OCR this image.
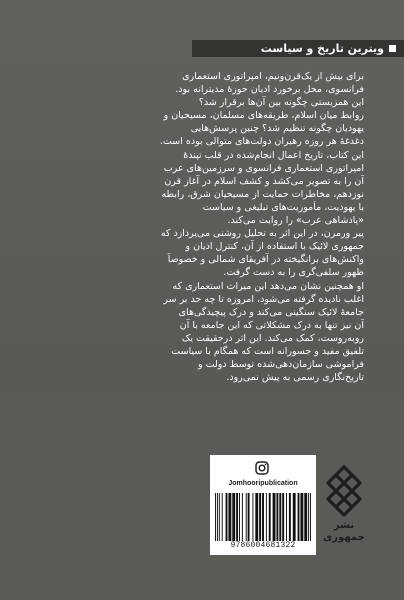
ویترین تاریخ و سیاست

برای بیش از یک‌قرن‌ونیم، امپراتوری استعماری
فرانسوی، محل برخورد ادیان حوزهٔ مدیترانه بود.
این همزیستی چگونه بین آن‌ها برقرار شد؟
روابط میان اسلام، طریقه‌های مسلمان، مسیحیان و
یهودیان چگونه تنظیم شد؟ چنین پرسش‌هایی
دغدغهٔ هر روزه رهبران دولت‌های متوالی بوده است.

این کتاب، تاریخ اعمال انجام‌شده در قلب تپندهٔ
امپراتوری استعماری فرانسوی و سرزمین‌های عرب
آن را به تصویر می‌کشد و کشف اسلام در آغاز قرن
نوزدهم، مخاطرات حمایت از مسیحیان شرق، رابطه
با یهودیت، مأموریت‌های تبلیغی و سیاست
«پادشاهی عرب» را روایت می‌کند.

پیر ورمرن، در این اثر به تحلیل روشنی می‌پردازد که
جمهوری لائیک با استفاده از آن، کنترل ادیان و
واکنش‌های برانگیخته در آفریقای شمالی و خصوصاً
ظهور سلفی‌گری را به دست گرفت.

او همچنین نشان می‌دهد این میراث استعماری که
اغلب نادیده گرفته می‌شود، امروزه تا چه حد بر سر
جامعهٔ لائیک سنگینی می‌کند و درک پیچیدگی‌های
آن نیز تنها به درک مشکلاتی که این جامعه با آن
روبه‌روست، کمک می‌کند. این اثر درحقیقت یک
تلفیق مفید و جسورانه است که همگام با سیاست
فراموشی سازمان‌دهی‌شده توسط دولت و
تاریخ‌نگاری رسمی به پیش نمی‌رود.

Jomhooripublication
9786004681322
نشر
جمهوری
